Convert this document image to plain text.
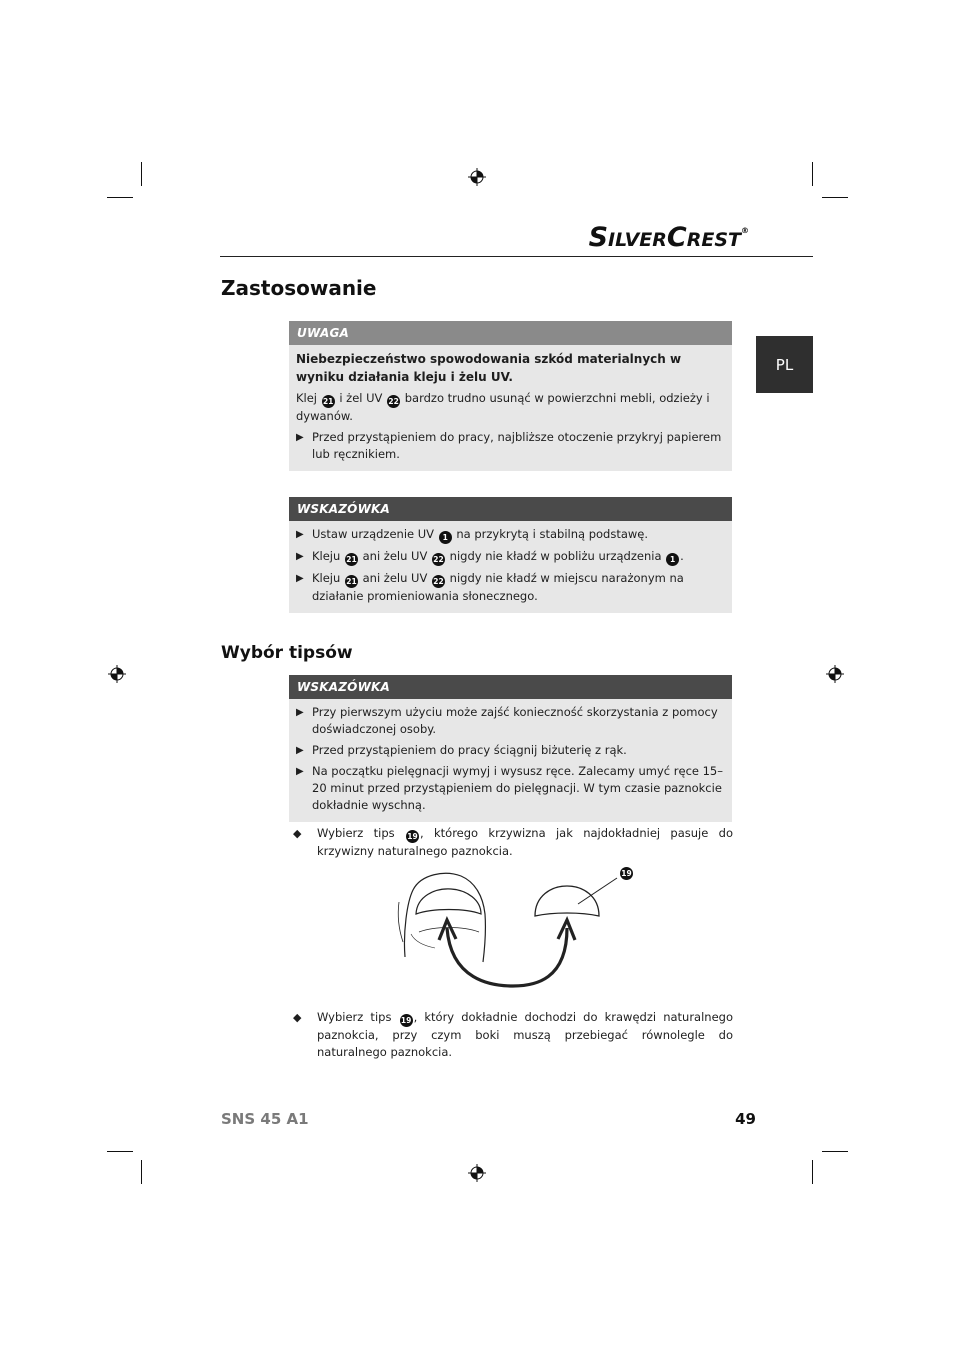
SILVERCREST®
PL
Zastosowanie
UWAGA

Niebezpieczeństwo spowodowania szkód materialnych w wyniku działania kleju i żelu UV.

Klej 21 i żel UV 22 bardzo trudno usunąć w powierzchni mebli, odzieży i dywanów.

▶ Przed przystąpieniem do pracy, najbliższe otoczenie przykryj papierem lub ręcznikiem.
WSKAZÓWKA
▶ Ustaw urządzenie UV 1 na przykrytą i stabilną podstawę.
▶ Kleju 21 ani żelu UV 22 nigdy nie kładź w pobliżu urządzenia 1 .
▶ Kleju 21 ani żelu UV 22 nigdy nie kładź w miejscu narażonym na działanie promieniowania słonecznego.
Wybór tipsów
WSKAZÓWKA
▶ Przy pierwszym użyciu może zajść konieczność skorzystania z pomocy doświadczonej osoby.
▶ Przed przystąpieniem do pracy ściągnij biżuterię z rąk.
▶ Na początku pielęgnacji wymyj i wysusz ręce. Zalecamy umyć ręce 15–20 minut przed przystąpieniem do pielęgnacji. W tym czasie paznokcie dokładnie wyschną.
◆	Wybierz tips 19 , którego krzywizna jak najdokładniej pasuje do krzywizny naturalnego paznokcia.
19
◆	Wybierz tips 19 , który dokładnie dochodzi do krawędzi naturalnego paznokcia, przy czym boki muszą przebiegać równolegle do naturalnego paznokcia.
SNS 45 A1	49
